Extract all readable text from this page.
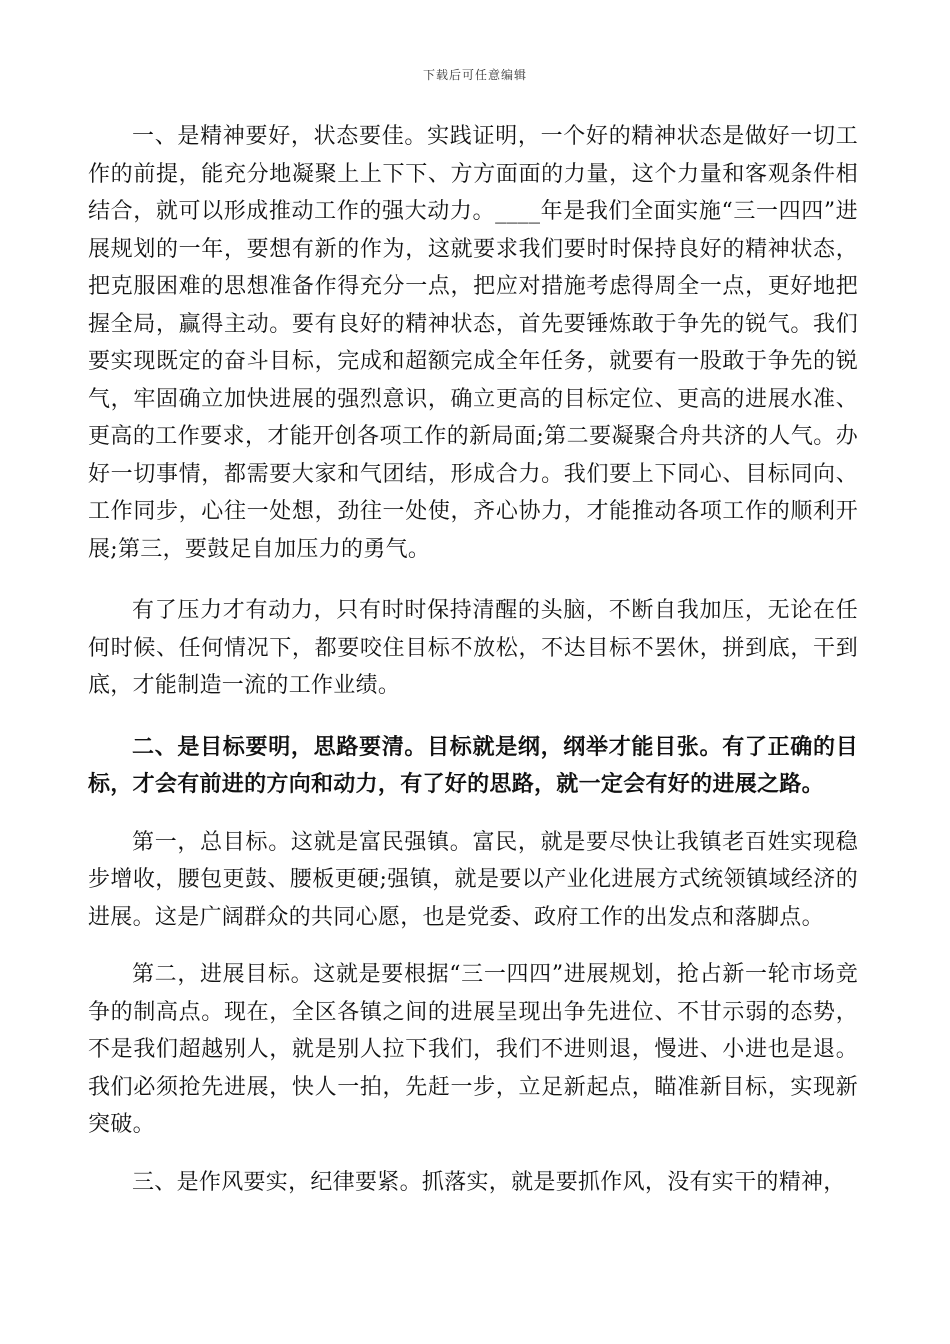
下载后可任意编辑

一、是精神要好，状态要佳。实践证明，一个好的精神状态是做好一切工作的前提，能充分地凝聚上上下下、方方面面的力量，这个力量和客观条件相结合，就可以形成推动工作的强大动力。____年是我们全面实施“三一四四”进展规划的一年，要想有新的作为，这就要求我们要时时保持良好的精神状态，把克服困难的思想准备作得充分一点，把应对措施考虑得周全一点，更好地把握全局，赢得主动。要有良好的精神状态，首先要锤炼敢于争先的锐气。我们要实现既定的奋斗目标，完成和超额完成全年任务，就要有一股敢于争先的锐气，牢固确立加快进展的强烈意识，确立更高的目标定位、更高的进展水准、更高的工作要求，才能开创各项工作的新局面;第二要凝聚合舟共济的人气。办好一切事情，都需要大家和气团结，形成合力。我们要上下同心、目标同向、工作同步，心往一处想，劲往一处使，齐心协力，才能推动各项工作的顺利开展;第三，要鼓足自加压力的勇气。

有了压力才有动力，只有时时保持清醒的头脑，不断自我加压，无论在任何时候、任何情况下，都要咬住目标不放松，不达目标不罢休，拼到底，干到底，才能制造一流的工作业绩。

二、是目标要明，思路要清。目标就是纲，纲举才能目张。有了正确的目标，才会有前进的方向和动力，有了好的思路，就一定会有好的进展之路。

第一，总目标。这就是富民强镇。富民，就是要尽快让我镇老百姓实现稳步增收，腰包更鼓、腰板更硬;强镇，就是要以产业化进展方式统领镇域经济的进展。这是广阔群众的共同心愿，也是党委、政府工作的出发点和落脚点。

第二，进展目标。这就是要根据“三一四四”进展规划，抢占新一轮市场竞争的制高点。现在，全区各镇之间的进展呈现出争先进位、不甘示弱的态势，不是我们超越别人，就是别人拉下我们，我们不进则退，慢进、小进也是退。我们必须抢先进展，快人一拍，先赶一步，立足新起点，瞄准新目标，实现新突破。

三、是作风要实，纪律要紧。抓落实，就是要抓作风，没有实干的精神，
